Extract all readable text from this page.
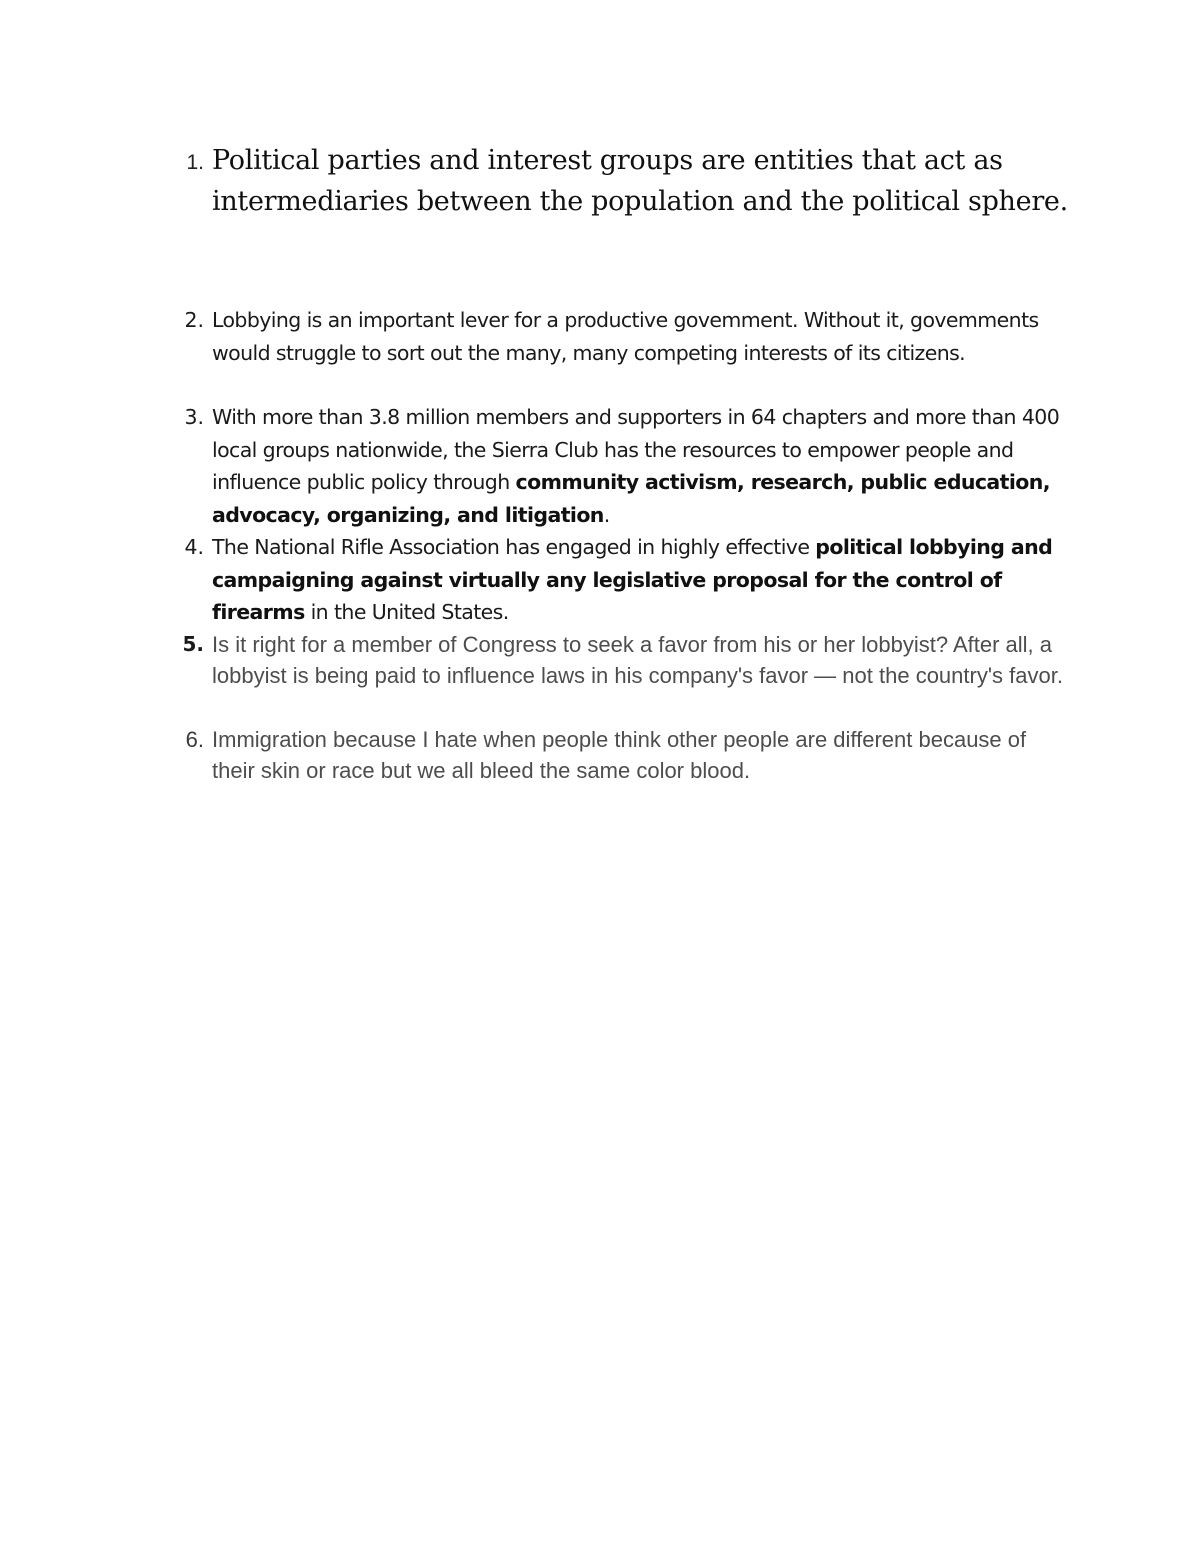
1. Political parties and interest groups are entities that act as intermediaries between the population and the political sphere.
2. Lobbying is an important lever for a productive govemment. Without it, govemments would struggle to sort out the many, many competing interests of its citizens.
3. With more than 3.8 million members and supporters in 64 chapters and more than 400 local groups nationwide, the Sierra Club has the resources to empower people and influence public policy through community activism, research, public education, advocacy, organizing, and litigation.
4. The National Rifle Association has engaged in highly effective political lobbying and campaigning against virtually any legislative proposal for the control of firearms in the United States.
5. Is it right for a member of Congress to seek a favor from his or her lobbyist? After all, a lobbyist is being paid to influence laws in his company's favor — not the country's favor.
6. Immigration because I hate when people think other people are different because of their skin or race but we all bleed the same color blood.
